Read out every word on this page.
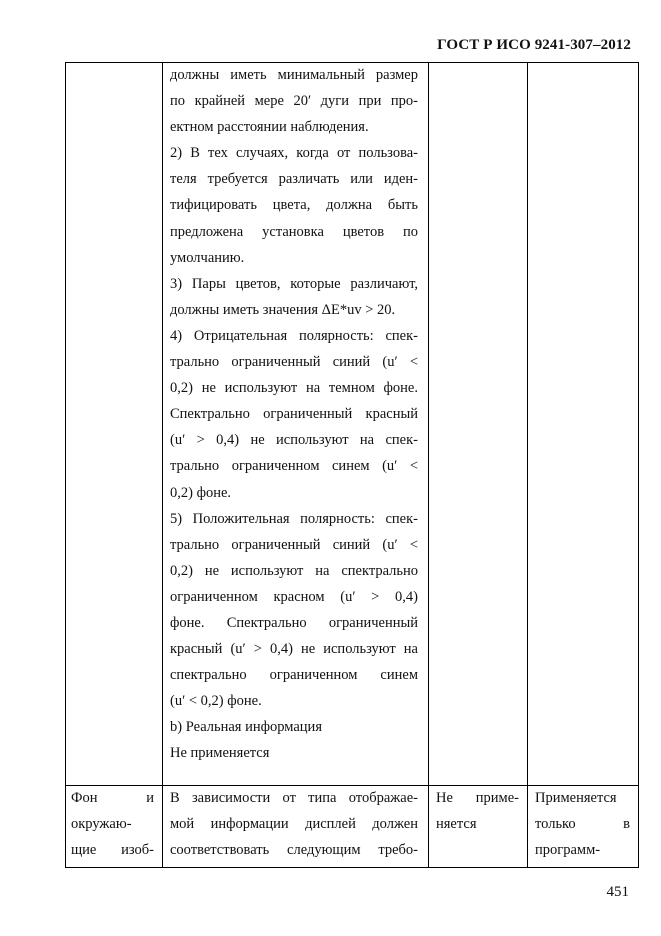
ГОСТ Р ИСО 9241-307–2012

должны иметь минимальный размер

по крайней мере 20′ дуги при про-

ектном расстоянии наблюдения.

2) В тех случаях, когда от пользова-

теля требуется различать или иден-

тифицировать цвета, должна быть

предложена установка цветов по

умолчанию.

3) Пары цветов, которые различают,

должны иметь значения ΔE*uv > 20.

4) Отрицательная полярность: спек-

трально ограниченный синий (u′ <

0,2) не используют на темном фоне.

Спектрально ограниченный красный

(u′ > 0,4) не используют на спек-

трально ограниченном синем (u′ <

0,2) фоне.

5) Положительная полярность: спек-

трально ограниченный синий (u′ <

0,2) не используют на спектрально

ограниченном красном (u′ > 0,4)

фоне. Спектрально ограниченный

красный (u′ > 0,4) не используют на

спектрально ограниченном синем

(u′ < 0,2) фоне.

b) Реальная информация

Не применяется

Фон и

окружаю-

щие изоб-

В зависимости от типа отображае-

мой информации дисплей должен

соответствовать следующим требо-

Не приме-

няется

Применяется

только в

программ-

451
